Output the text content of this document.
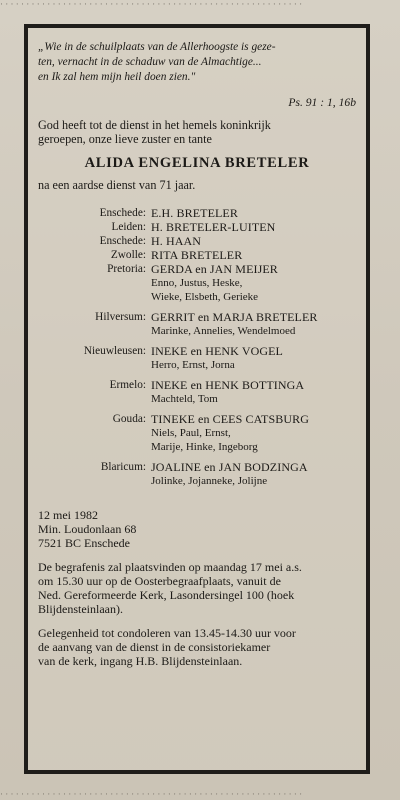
· · · · · · · · · · · · · · · · · · · · · · · · · · · · · · · · · · · · · · · · · · · · · · · · · · · · · · · · · ·
„Wie in de schuilplaats van de Allerhoogste is geze-
ten, vernacht in de schaduw van de Almachtige...
en Ik zal hem mijn heil doen zien."
Ps. 91 : 1, 16b
God heeft tot de dienst in het hemels koninkrijk
geroepen, onze lieve zuster en tante
ALIDA ENGELINA BRETELER
na een aardse dienst van 71 jaar.
Enschede: E.H. BRETELER
Leiden: H. BRETELER-LUITEN
Enschede: H. HAAN
Zwolle: RITA BRETELER
Pretoria: GERDA en JAN MEIJER
Enno, Justus, Heske,
Wieke, Elsbeth, Gerieke
Hilversum: GERRIT en MARJA BRETELER
Marinke, Annelies, Wendelmoed
Nieuwleusen: INEKE en HENK VOGEL
Herro, Ernst, Jorna
Ermelo: INEKE en HENK BOTTINGA
Machteld, Tom
Gouda: TINEKE en CEES CATSBURG
Niels, Paul, Ernst,
Marije, Hinke, Ingeborg
Blaricum: JOALINE en JAN BODZINGA
Jolinke, Jojanneke, Jolijne
12 mei 1982
Min. Loudonlaan 68
7521 BC Enschede
De begrafenis zal plaatsvinden op maandag 17 mei a.s.
om 15.30 uur op de Oosterbegraafplaats, vanuit de
Ned. Gereformeerde Kerk, Lasondersingel 100 (hoek
Blijdensteinlaan).
Gelegenheid tot condoleren van 13.45-14.30 uur voor
de aanvang van de dienst in de consistoriekamer
van de kerk, ingang H.B. Blijdensteinlaan.
· · · · · · · · · · · · · · · · · · · · · · · · · · · · · · · · · · · · · · · · · · · · · · · · · · · · · · · · · ·
